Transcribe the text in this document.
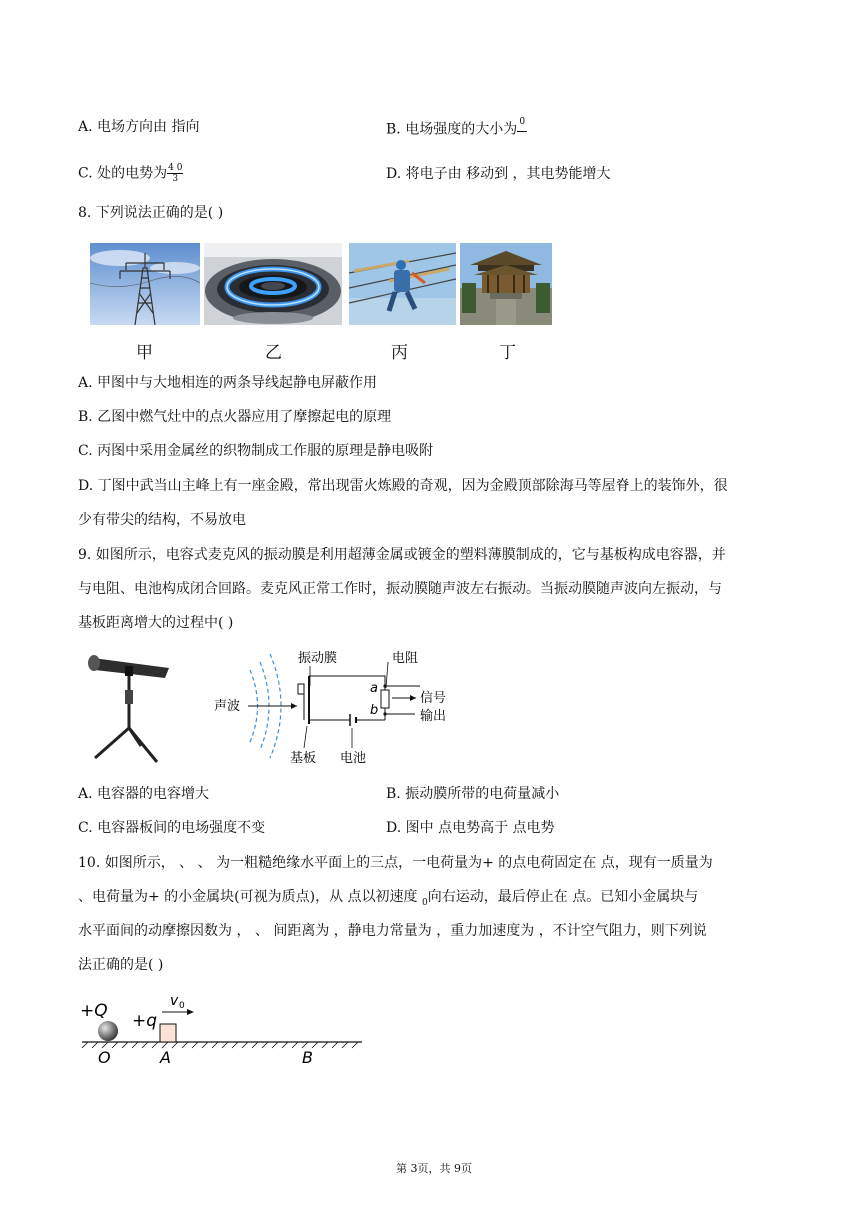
A. 电场方向由 指向	B. 电场强度的大小为 0

C. 处的电势为 $\frac{4 0}{3}$	D. 将电子由 移动到 ，其电势能增大
8. 下列说法正确的是( )
甲	乙	丙	丁
A. 甲图中与大地相连的两条导线起静电屏蔽作用
B. 乙图中燃气灶中的点火器应用了摩擦起电的原理
C. 丙图中采用金属丝的织物制成工作服的原理是静电吸附
D. 丁图中武当山主峰上有一座金殿，常出现雷火炼殿的奇观，因为金殿顶部除海马等屋脊上的装饰外，很
少有带尖的结构，不易放电
9. 如图所示，电容式麦克风的振动膜是利用超薄金属或镀金的塑料薄膜制成的，它与基板构成电容器，并
与电阻、电池构成闭合回路。麦克风正常工作时，振动膜随声波左右振动。当振动膜随声波向左振动，与
基板距离增大的过程中( )
振动膜	电阻
声波
信号
输出
基板 电池
a
b
A. 电容器的电容增大	B. 振动膜所带的电荷量减小
C. 电容器板间的电场强度不变	D. 图中 点电势高于 点电势
10. 如图所示， 、 、 为一粗糙绝缘水平面上的三点，一电荷量为+ 的点电荷固定在 点，现有一质量为
、电荷量为+ 的小金属块(可视为质点)，从 点以初速度 $_0$向右运动，最后停止在 点。已知小金属块与
水平面间的动摩擦因数为 ， 、 间距离为 ，静电力常量为 ，重力加速度为 ，不计空气阻力，则下列说
法正确的是( )
+Q +q
v 0
O	A	B
第 3页，共 9页
